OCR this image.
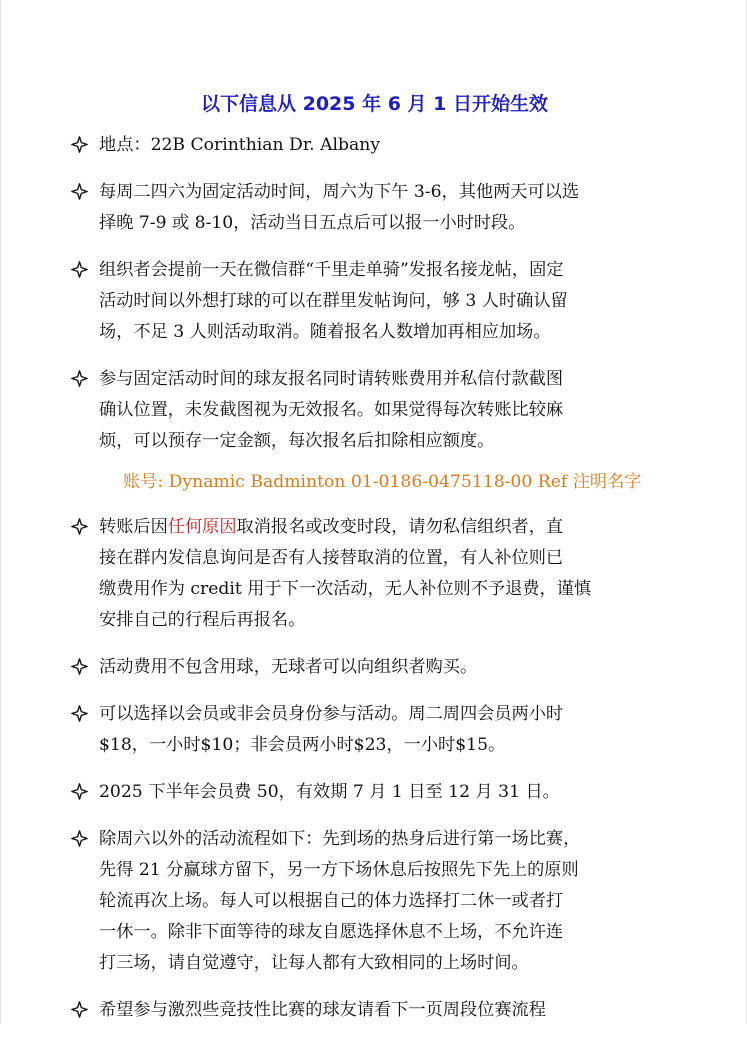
以下信息从 2025 年 6 月 1 日开始生效
地点：22B Corinthian Dr. Albany
每周二四六为固定活动时间，周六为下午 3-6，其他两天可以选
择晚 7-9 或 8-10，活动当日五点后可以报一小时时段。
组织者会提前一天在微信群“千里走单骑”发报名接龙帖，固定
活动时间以外想打球的可以在群里发帖询问，够 3 人时确认留
场，不足 3 人则活动取消。随着报名人数增加再相应加场。
参与固定活动时间的球友报名同时请转账费用并私信付款截图
确认位置，未发截图视为无效报名。如果觉得每次转账比较麻
烦，可以预存一定金额，每次报名后扣除相应额度。
账号: Dynamic Badminton 01-0186-0475118-00 Ref 注明名字
转账后因任何原因取消报名或改变时段，请勿私信组织者，直
接在群内发信息询问是否有人接替取消的位置，有人补位则已
缴费用作为 credit 用于下一次活动，无人补位则不予退费，谨慎
安排自己的行程后再报名。
活动费用不包含用球，无球者可以向组织者购买。
可以选择以会员或非会员身份参与活动。周二周四会员两小时
$18，一小时$10；非会员两小时$23，一小时$15。
2025 下半年会员费 50，有效期 7 月 1 日至 12 月 31 日。
除周六以外的活动流程如下：先到场的热身后进行第一场比赛，
先得 21 分赢球方留下，另一方下场休息后按照先下先上的原则
轮流再次上场。每人可以根据自己的体力选择打二休一或者打
一休一。除非下面等待的球友自愿选择休息不上场，不允许连
打三场，请自觉遵守，让每人都有大致相同的上场时间。
希望参与激烈些竞技性比赛的球友请看下一页周段位赛流程
